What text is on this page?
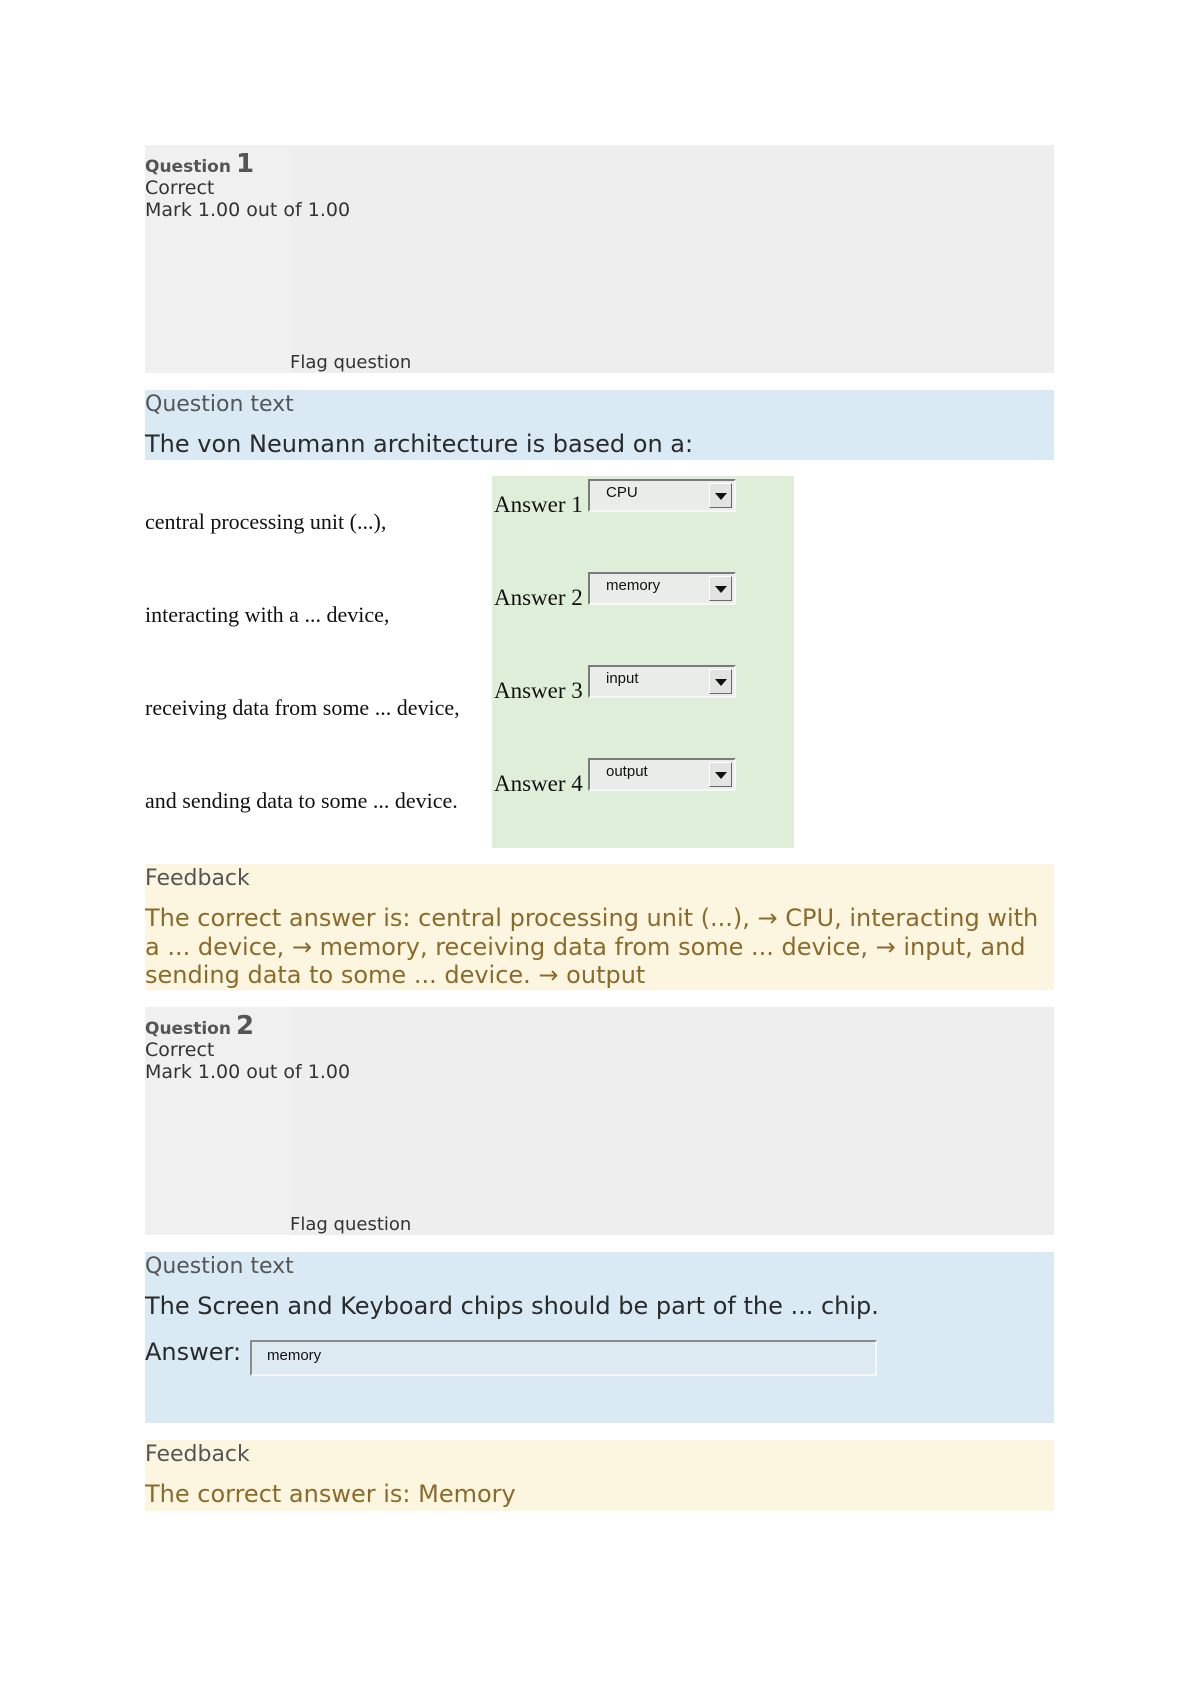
Question 1
Correct
Mark 1.00 out of 1.00
Flag question
Question text
The von Neumann architecture is based on a:
central processing unit (...),
interacting with a ... device,
receiving data from some ... device,
and sending data to some ... device.
Answer 1
Answer 2
Answer 3
Answer 4
CPU
memory
input
output
Feedback
The correct answer is: central processing unit (...), → CPU, interacting with
a ... device, → memory, receiving data from some ... device, → input, and
sending data to some ... device. → output
Question 2
Correct
Mark 1.00 out of 1.00
Flag question
Question text
The Screen and Keyboard chips should be part of the ... chip.
Answer: memory
Feedback
The correct answer is: Memory
